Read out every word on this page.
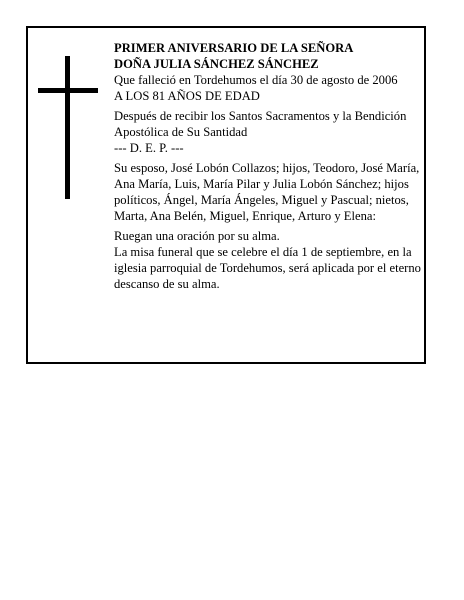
PRIMER ANIVERSARIO DE LA SEÑORA

DOÑA JULIA SÁNCHEZ SÁNCHEZ

Que falleció en Tordehumos el día 30 de agosto de 2006

A LOS 81 AÑOS DE EDAD

Después de recibir los Santos Sacramentos y la Bendición Apostólica de Su Santidad

--- D. E. P. ---

Su esposo, José Lobón Collazos; hijos, Teodoro, José María, Ana María, Luis, María Pilar y Julia Lobón Sánchez; hijos políticos, Ángel, María Ángeles, Miguel y Pascual; nietos, Marta, Ana Belén, Miguel, Enrique, Arturo y Elena:

Ruegan una oración por su alma.

La misa funeral que se celebre el día 1 de septiembre, en la iglesia parroquial de Tordehumos, será aplicada por el eterno descanso de su alma.
